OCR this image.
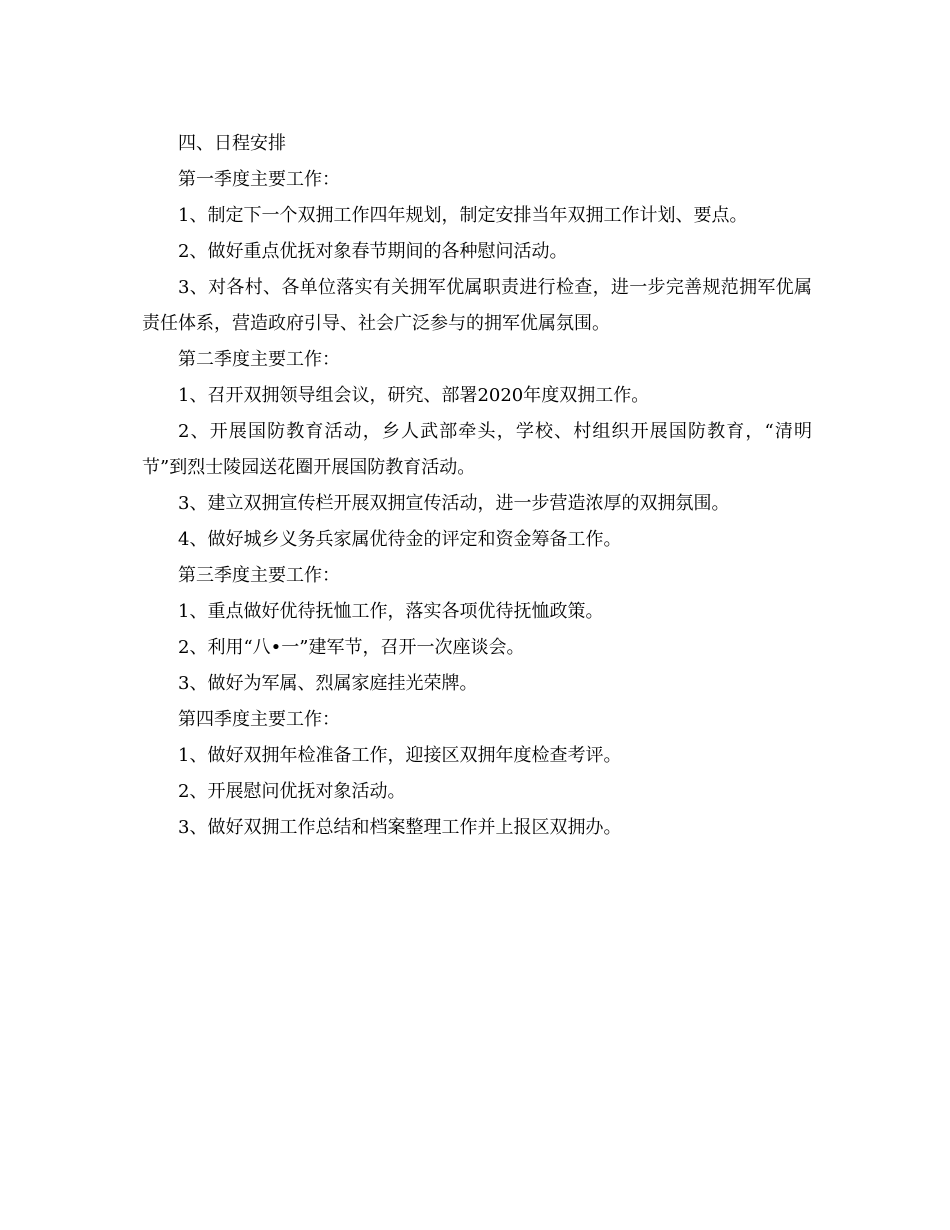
四、日程安排

第一季度主要工作：

1、制定下一个双拥工作四年规划，制定安排当年双拥工作计划、要点。

2、做好重点优抚对象春节期间的各种慰问活动。

3、对各村、各单位落实有关拥军优属职责进行检查，进一步完善规范拥军优属责任体系，营造政府引导、社会广泛参与的拥军优属氛围。

第二季度主要工作：

1、召开双拥领导组会议，研究、部署2020年度双拥工作。

2、开展国防教育活动，乡人武部牵头，学校、村组织开展国防教育，“清明节”到烈士陵园送花圈开展国防教育活动。

3、建立双拥宣传栏开展双拥宣传活动，进一步营造浓厚的双拥氛围。

4、做好城乡义务兵家属优待金的评定和资金筹备工作。

第三季度主要工作：

1、重点做好优待抚恤工作，落实各项优待抚恤政策。

2、利用“八•一”建军节，召开一次座谈会。

3、做好为军属、烈属家庭挂光荣牌。

第四季度主要工作：

1、做好双拥年检准备工作，迎接区双拥年度检查考评。

2、开展慰问优抚对象活动。

3、做好双拥工作总结和档案整理工作并上报区双拥办。
